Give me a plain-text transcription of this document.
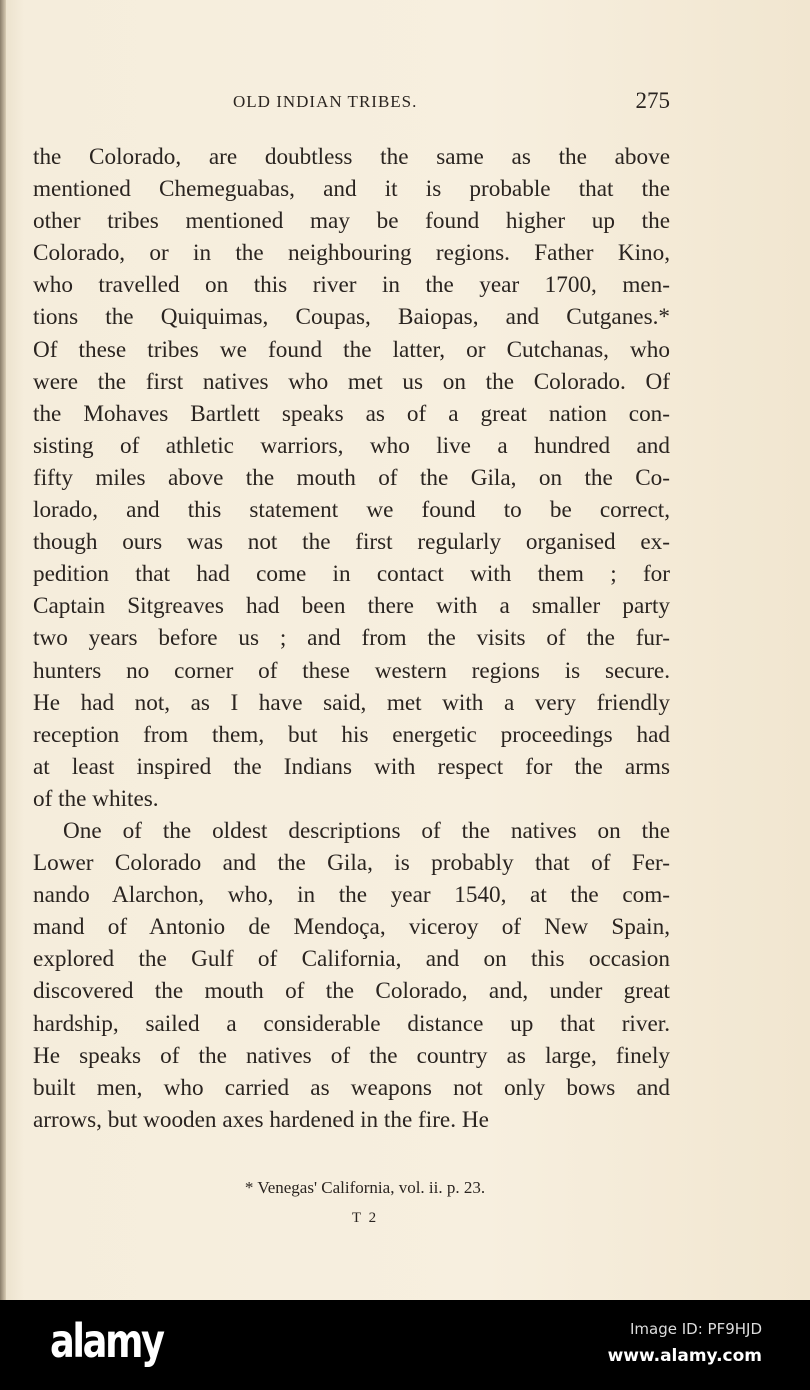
OLD INDIAN TRIBES.	275
the Colorado, are doubtless the same as the above
mentioned Chemeguabas, and it is probable that the
other tribes mentioned may be found higher up the
Colorado, or in the neighbouring regions. Father Kino,
who travelled on this river in the year 1700, men-
tions the Quiquimas, Coupas, Baiopas, and Cutganes.*
Of these tribes we found the latter, or Cutchanas, who
were the first natives who met us on the Colorado. Of
the Mohaves Bartlett speaks as of a great nation con-
sisting of athletic warriors, who live a hundred and
fifty miles above the mouth of the Gila, on the Co-
lorado, and this statement we found to be correct,
though ours was not the first regularly organised ex-
pedition that had come in contact with them ; for
Captain Sitgreaves had been there with a smaller party
two years before us ; and from the visits of the fur-
hunters no corner of these western regions is secure.
He had not, as I have said, met with a very friendly
reception from them, but his energetic proceedings had
at least inspired the Indians with respect for the arms
of the whites.
One of the oldest descriptions of the natives on the
Lower Colorado and the Gila, is probably that of Fer-
nando Alarchon, who, in the year 1540, at the com-
mand of Antonio de Mendoça, viceroy of New Spain,
explored the Gulf of California, and on this occasion
discovered the mouth of the Colorado, and, under great
hardship, sailed a considerable distance up that river.
He speaks of the natives of the country as large, finely
built men, who carried as weapons not only bows and
arrows, but wooden axes hardened in the fire. He
* Venegas' California, vol. ii. p. 23.
T 2
alamy	Image ID: PF9HJD
www.alamy.com
